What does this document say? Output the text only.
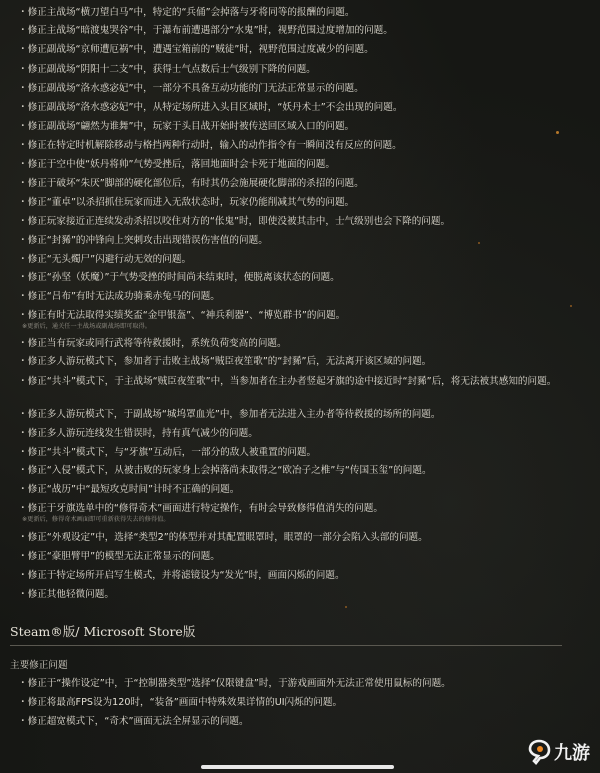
・修正主战场“横刀望白马”中，特定的“兵俑”会掉落与牙将同等的报酬的问题。
・修正主战场“暗渡鬼哭谷”中，于瀑布前遭遇部分“水鬼”时，视野范围过度增加的问题。
・修正副战场“京师遭厄祸”中，遭遇宝箱前的“贼徒”时，视野范围过度减少的问题。
・修正副战场“阴阳十二支”中，获得士气点数后士气级别下降的问题。
・修正副战场“洛水惑宓妃”中，一部分不具备互动功能的门无法正常显示的问题。
・修正副战场“洛水惑宓妃”中，从特定场所进入头目区域时，“妖丹术士”不会出现的问题。
・修正副战场“翩然为谁舞”中，玩家于头目战开始时被传送回区域入口的问题。
・修正在特定时机解除移动与格挡两种行动时，输入的动作指令有一瞬间没有反应的问题。
・修正于空中使“妖丹将帅”气势受挫后，落回地面时会卡死于地面的问题。
・修正于破坏“朱厌”脚部的硬化部位后，有时其仍会施展硬化脚部的杀招的问题。
・修正“董卓”以杀招抓住玩家而进入无敌状态时，玩家仍能削减其气势的问题。
・修正玩家接近正连续发动杀招以咬住对方的“伥鬼”时，即使没被其击中，士气级别也会下降的问题。
・修正“封豨”的冲锋向上突刺攻击出现错误伤害值的问题。
・修正“无头燭尸”闪避行动无效的问题。
・修正“孙坚（妖魔）”于气势受挫的时间尚未结束时，便脱离该状态的问题。
・修正“吕布”有时无法成功骑乘赤兔马的问题。
・修正有时无法取得实绩奖盃“金甲银盔”、“神兵利器”、“博览群书”的问题。
※更新后，通关任一主战场或副战场即可取得。
・修正当有玩家或同行武将等待救援时，系统负荷变高的问题。
・修正多人游玩模式下，参加者于击败主战场“贼臣夜笙歌”的“封豨”后，无法离开该区域的问题。
・修正“共斗”模式下，于主战场“贼臣夜笙歌”中，当参加者在主办者竖起牙旗的途中接近时“封豨”后，将无法被其感知的问题。
・修正多人游玩模式下，于副战场“城坞罩血光”中，参加者无法进入主办者等待救援的场所的问题。
・修正多人游玩连线发生错误时，持有真气减少的问题。
・修正“共斗”模式下，与“牙旗”互动后，一部分的敌人被重置的问题。
・修正“入侵”模式下，从被击败的玩家身上会掉落尚未取得之“欧冶子之椎”与“传国玉玺”的问题。
・修正“战历”中“最短攻克时间”计时不正确的问题。
・修正于牙旗选单中的“修得奇术”画面进行特定操作，有时会导致修得值消失的问题。
※更新后，修得奇术画面即可重新获得失去的修得值。
・修正“外观设定”中，选择“类型2”的体型并对其配置眼罩时，眼罩的一部分会陷入头部的问题。
・修正“豪胆臂甲”的模型无法正常显示的问题。
・修正于特定场所开启写生模式，并将滤镜设为“发光”时，画面闪烁的问题。
・修正其他轻微问题。
Steam®版/ Microsoft Store版
主要修正问题
・修正于“操作设定”中，于“控制器类型”选择“仅限键盘”时，于游戏画面外无法正常使用鼠标的问题。
・修正将最高FPS设为120时，“装备”画面中特殊效果详情的UI闪烁的问题。
・修正超宽模式下，“奇术”画面无法全屏显示的问题。
九游
